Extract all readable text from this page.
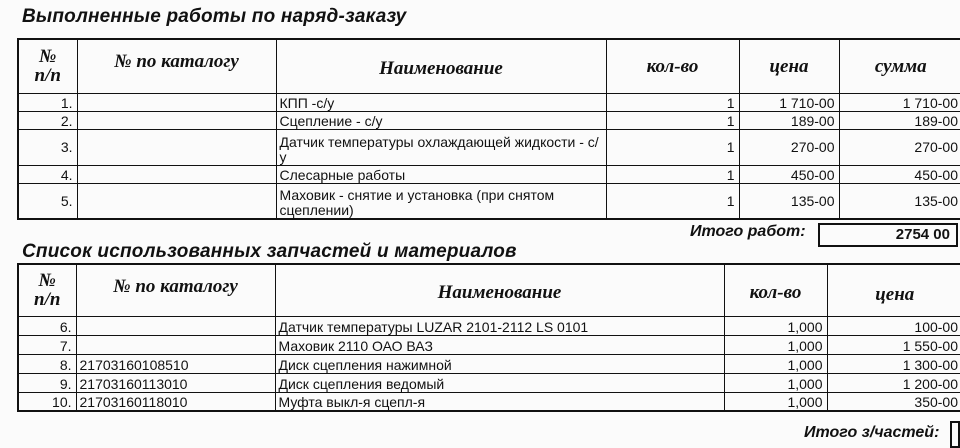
Выполненные работы по наряд-заказу
№
п/п	№ по каталогу	Наименование	кол-во	цена	сумма
1.		КПП -с/у	1	1 710-00	1 710-00
2.		Сцепление - с/у	1	189-00	189-00
3.		Датчик температуры охлаждающей жидкости - с/у	1	270-00	270-00
4.		Слесарные работы	1	450-00	450-00
5.		Маховик - снятие и установка (при снятом сцеплении)	1	135-00	135-00
Итого работ:	2754 00
Список использованных запчастей и материалов
№
п/п	№ по каталогу	Наименование	кол-во	цена
6.		Датчик температуры LUZAR 2101-2112 LS 0101	1,000	100-00
7.		Маховик 2110 ОАО ВАЗ	1,000	1 550-00
8.	21703160108510	Диск сцепления нажимной	1,000	1 300-00
9.	21703160113010	Диск сцепления ведомый	1,000	1 200-00
10.	21703160118010	Муфта выкл-я сцепл-я	1,000	350-00
Итого з/частей:
